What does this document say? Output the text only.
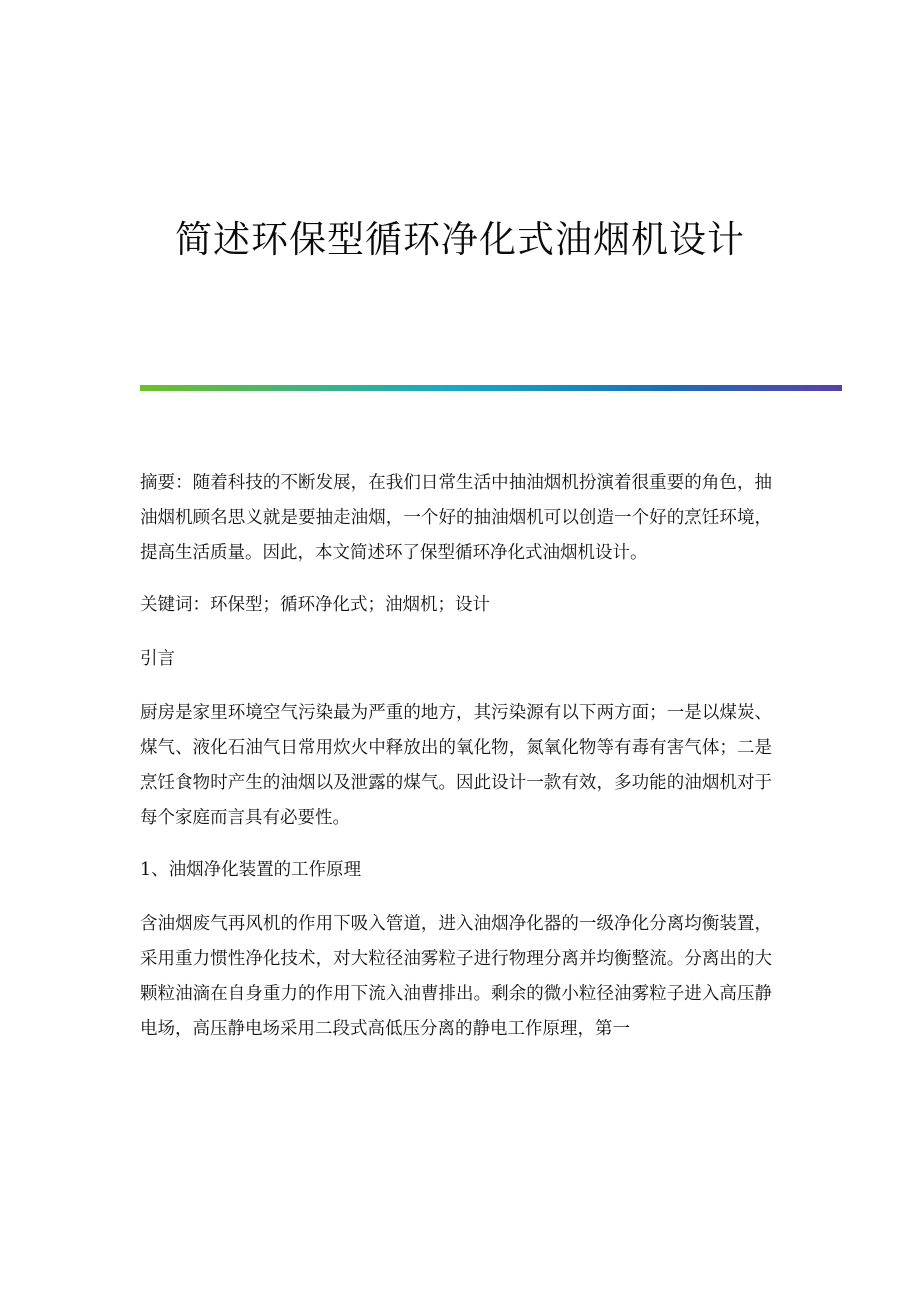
简述环保型循环净化式油烟机设计

摘要：随着科技的不断发展，在我们日常生活中抽油烟机扮演着很重要的角色，抽油烟机顾名思义就是要抽走油烟，一个好的抽油烟机可以创造一个好的烹饪环境，提高生活质量。因此，本文简述环了保型循环净化式油烟机设计。

关键词：环保型；循环净化式；油烟机；设计

引言

厨房是家里环境空气污染最为严重的地方，其污染源有以下两方面；一是以煤炭、煤气、液化石油气日常用炊火中释放出的氧化物，氮氧化物等有毒有害气体；二是烹饪食物时产生的油烟以及泄露的煤气。因此设计一款有效，多功能的油烟机对于每个家庭而言具有必要性。

1、油烟净化装置的工作原理

含油烟废气再风机的作用下吸入管道，进入油烟净化器的一级净化分离均衡装置，采用重力惯性净化技术，对大粒径油雾粒子进行物理分离并均衡整流。分离出的大颗粒油滴在自身重力的作用下流入油曹排出。剩余的微小粒径油雾粒子进入高压静电场，高压静电场采用二段式高低压分离的静电工作原理，第一
